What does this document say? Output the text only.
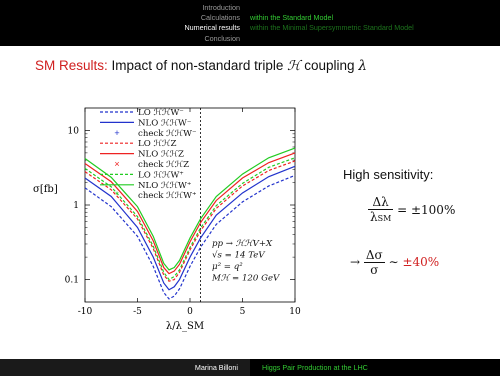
Introduction
Calculations
Numerical results
Conclusion
within the Standard Model
within the Minimal Supersymmetric Standard Model
SM Results: Impact of non-standard triple ℋ coupling λ
-10	-5	0	5	10
0.1
1
10
λ/λ_SM
σ[fb]
LO ℋℋW⁻
NLO ℋℋW⁻
+ check ℋℋW⁻
LO ℋℋZ
NLO ℋℋZ
× check ℋℋZ
LO ℋℋW⁺
NLO ℋℋW⁺
* check ℋℋW⁺
pp → ℋℋV+X
√s = 14 TeV
μ² = q²
Mℋ = 120 GeV
High sensitivity:
$\frac{\Delta\lambda}{\text{λSM}} = \pm 100\%$
→ $\frac{\Delta\sigma}{\sigma}$ ∼ ±40%
Marina Billoni	Higgs Pair Production at the LHC
